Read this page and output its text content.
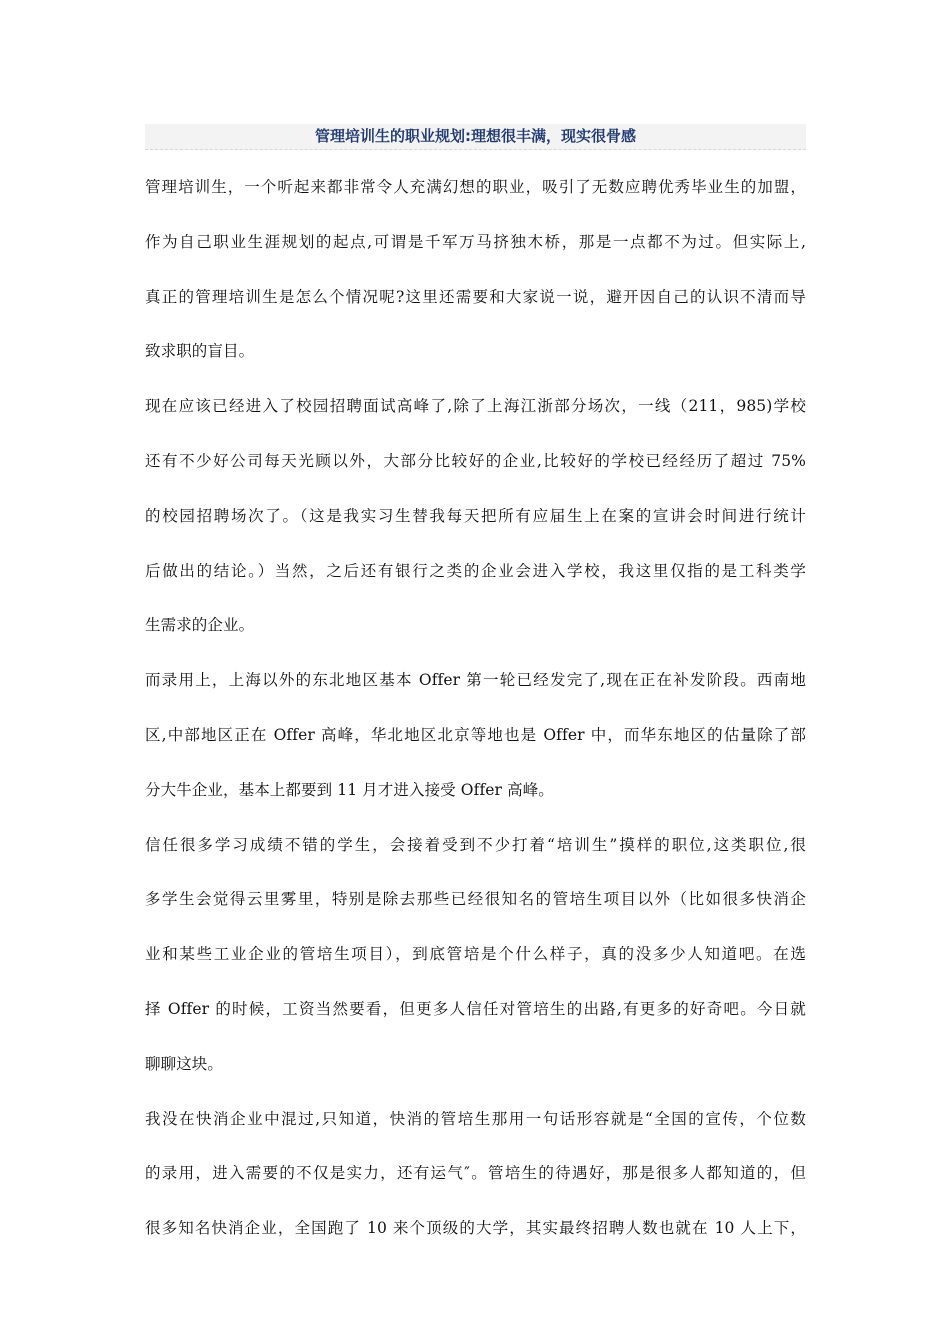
管理培训生的职业规划:理想很丰满，现实很骨感
管理培训生，一个听起来都非常令人充满幻想的职业，吸引了无数应聘优秀毕业生的加盟，
作为自己职业生涯规划的起点,可谓是千军万马挤独木桥，那是一点都不为过。但实际上,
真正的管理培训生是怎么个情况呢?这里还需要和大家说一说，避开因自己的认识不清而导
致求职的盲目。
现在应该已经进入了校园招聘面试高峰了,除了上海江浙部分场次，一线（211，985)学校
还有不少好公司每天光顾以外，大部分比较好的企业,比较好的学校已经经历了超过 75%
的校园招聘场次了。（这是我实习生替我每天把所有应届生上在案的宣讲会时间进行统计
后做出的结论。）当然，之后还有银行之类的企业会进入学校，我这里仅指的是工科类学
生需求的企业。
而录用上，上海以外的东北地区基本 Offer 第一轮已经发完了,现在正在补发阶段。西南地
区,中部地区正在 Offer 高峰，华北地区北京等地也是 Offer 中，而华东地区的估量除了部
分大牛企业，基本上都要到 11 月才进入接受 Offer 高峰。
信任很多学习成绩不错的学生，会接着受到不少打着“培训生”摸样的职位,这类职位,很
多学生会觉得云里雾里，特别是除去那些已经很知名的管培生项目以外（比如很多快消企
业和某些工业企业的管培生项目），到底管培是个什么样子，真的没多少人知道吧。在选
择 Offer 的时候，工资当然要看，但更多人信任对管培生的出路,有更多的好奇吧。今日就
聊聊这块。
我没在快消企业中混过,只知道，快消的管培生那用一句话形容就是“全国的宣传，个位数
的录用，进入需要的不仅是实力，还有运气″。管培生的待遇好，那是很多人都知道的，但
很多知名快消企业，全国跑了 10 来个顶级的大学，其实最终招聘人数也就在 10 人上下，
